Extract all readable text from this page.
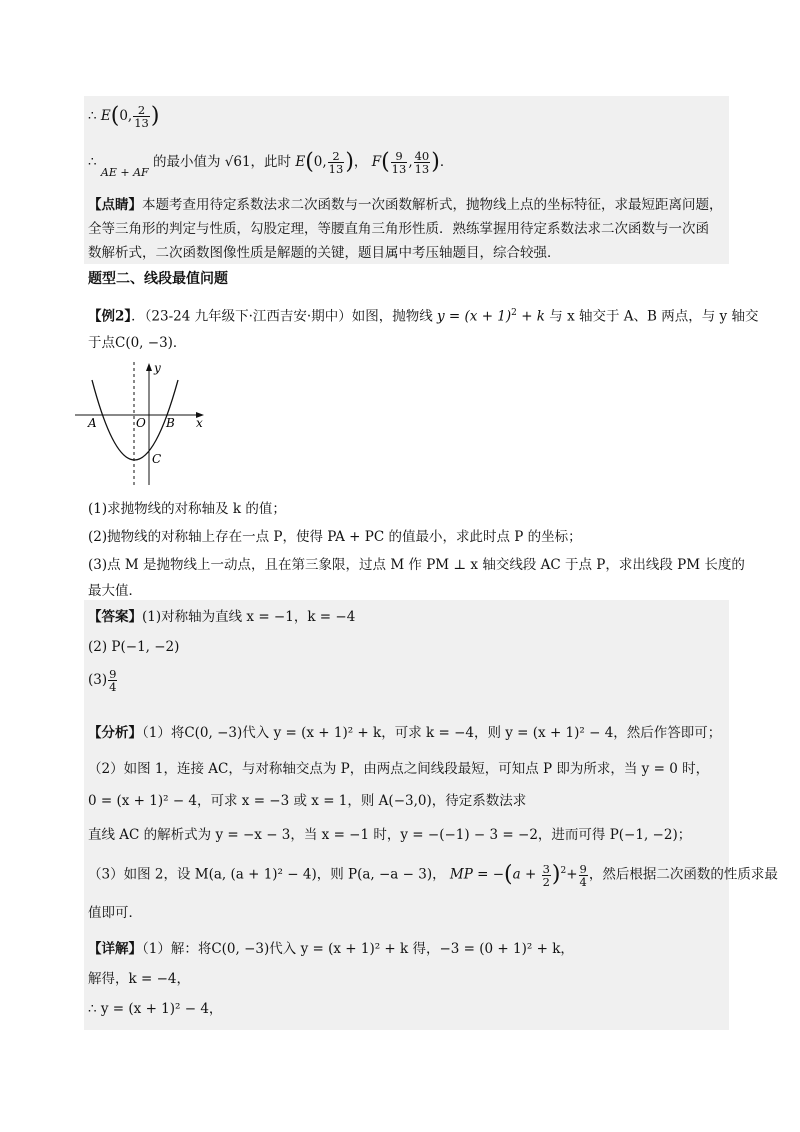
∴ E(0, $\frac{2}{13}$ )
∴ $_{AE + AF}$ 的最小值为 √61，此时 E(0, $\frac{2}{13}$ )， $F( \frac{9}{13}$ , $\frac{40}{13}$ )．
【点睛】本题考查用待定系数法求二次函数与一次函数解析式，抛物线上点的坐标特征，求最短距离问题，
全等三角形的判定与性质，勾股定理，等腰直角三角形性质．熟练掌握用待定系数法求二次函数与一次函
数解析式，二次函数图像性质是解题的关键，题目属中考压轴题目，综合较强．
题型二、线段最值问题
【例2】．（23-24 九年级下·江西吉安·期中）如图，抛物线 $y = (x + 1)^2 + k$ 与 x 轴交于 A、B 两点，与 y 轴交
于点C(0, −3)．
y
x
A	O B
C
(1)求抛物线的对称轴及 k 的值；
(2)抛物线的对称轴上存在一点 P，使得 PA + PC 的值最小，求此时点 P 的坐标；
(3)点 M 是抛物线上一动点，且在第三象限，过点 M 作 PM ⊥ x 轴交线段 AC 于点 P，求出线段 PM 长度的
最大值．
【答案】(1)对称轴为直线 x = −1，k = −4
(2) P(−1, −2)
$(3) \frac{9}{4}$
【分析】（1）将C(0, −3)代入 y = (x + 1)² + k，可求 k = −4，则 y = (x + 1)² − 4，然后作答即可；
（2）如图 1，连接 AC，与对称轴交点为 P，由两点之间线段最短，可知点 P 即为所求，当 y = 0 时，
0 = (x + 1)² − 4，可求 x = −3 或 x = 1，则 A(−3,0)，待定系数法求
直线 AC 的解析式为 y = −x − 3，当 x = −1 时，y = −(−1) − 3 = −2，进而可得 P(−1, −2)；
（3）如图 2，设 M(a, (a + 1)² − 4)，则 P(a, −a − 3)， MP = $-(a + \frac{3}{2} )^2+ \frac{9}{4}$ ，然后根据二次函数的性质求最
值即可．
【详解】（1）解：将C(0, −3)代入 y = (x + 1)² + k 得，−3 = (0 + 1)² + k，
解得，k = −4，
∴ y = (x + 1)² − 4，
